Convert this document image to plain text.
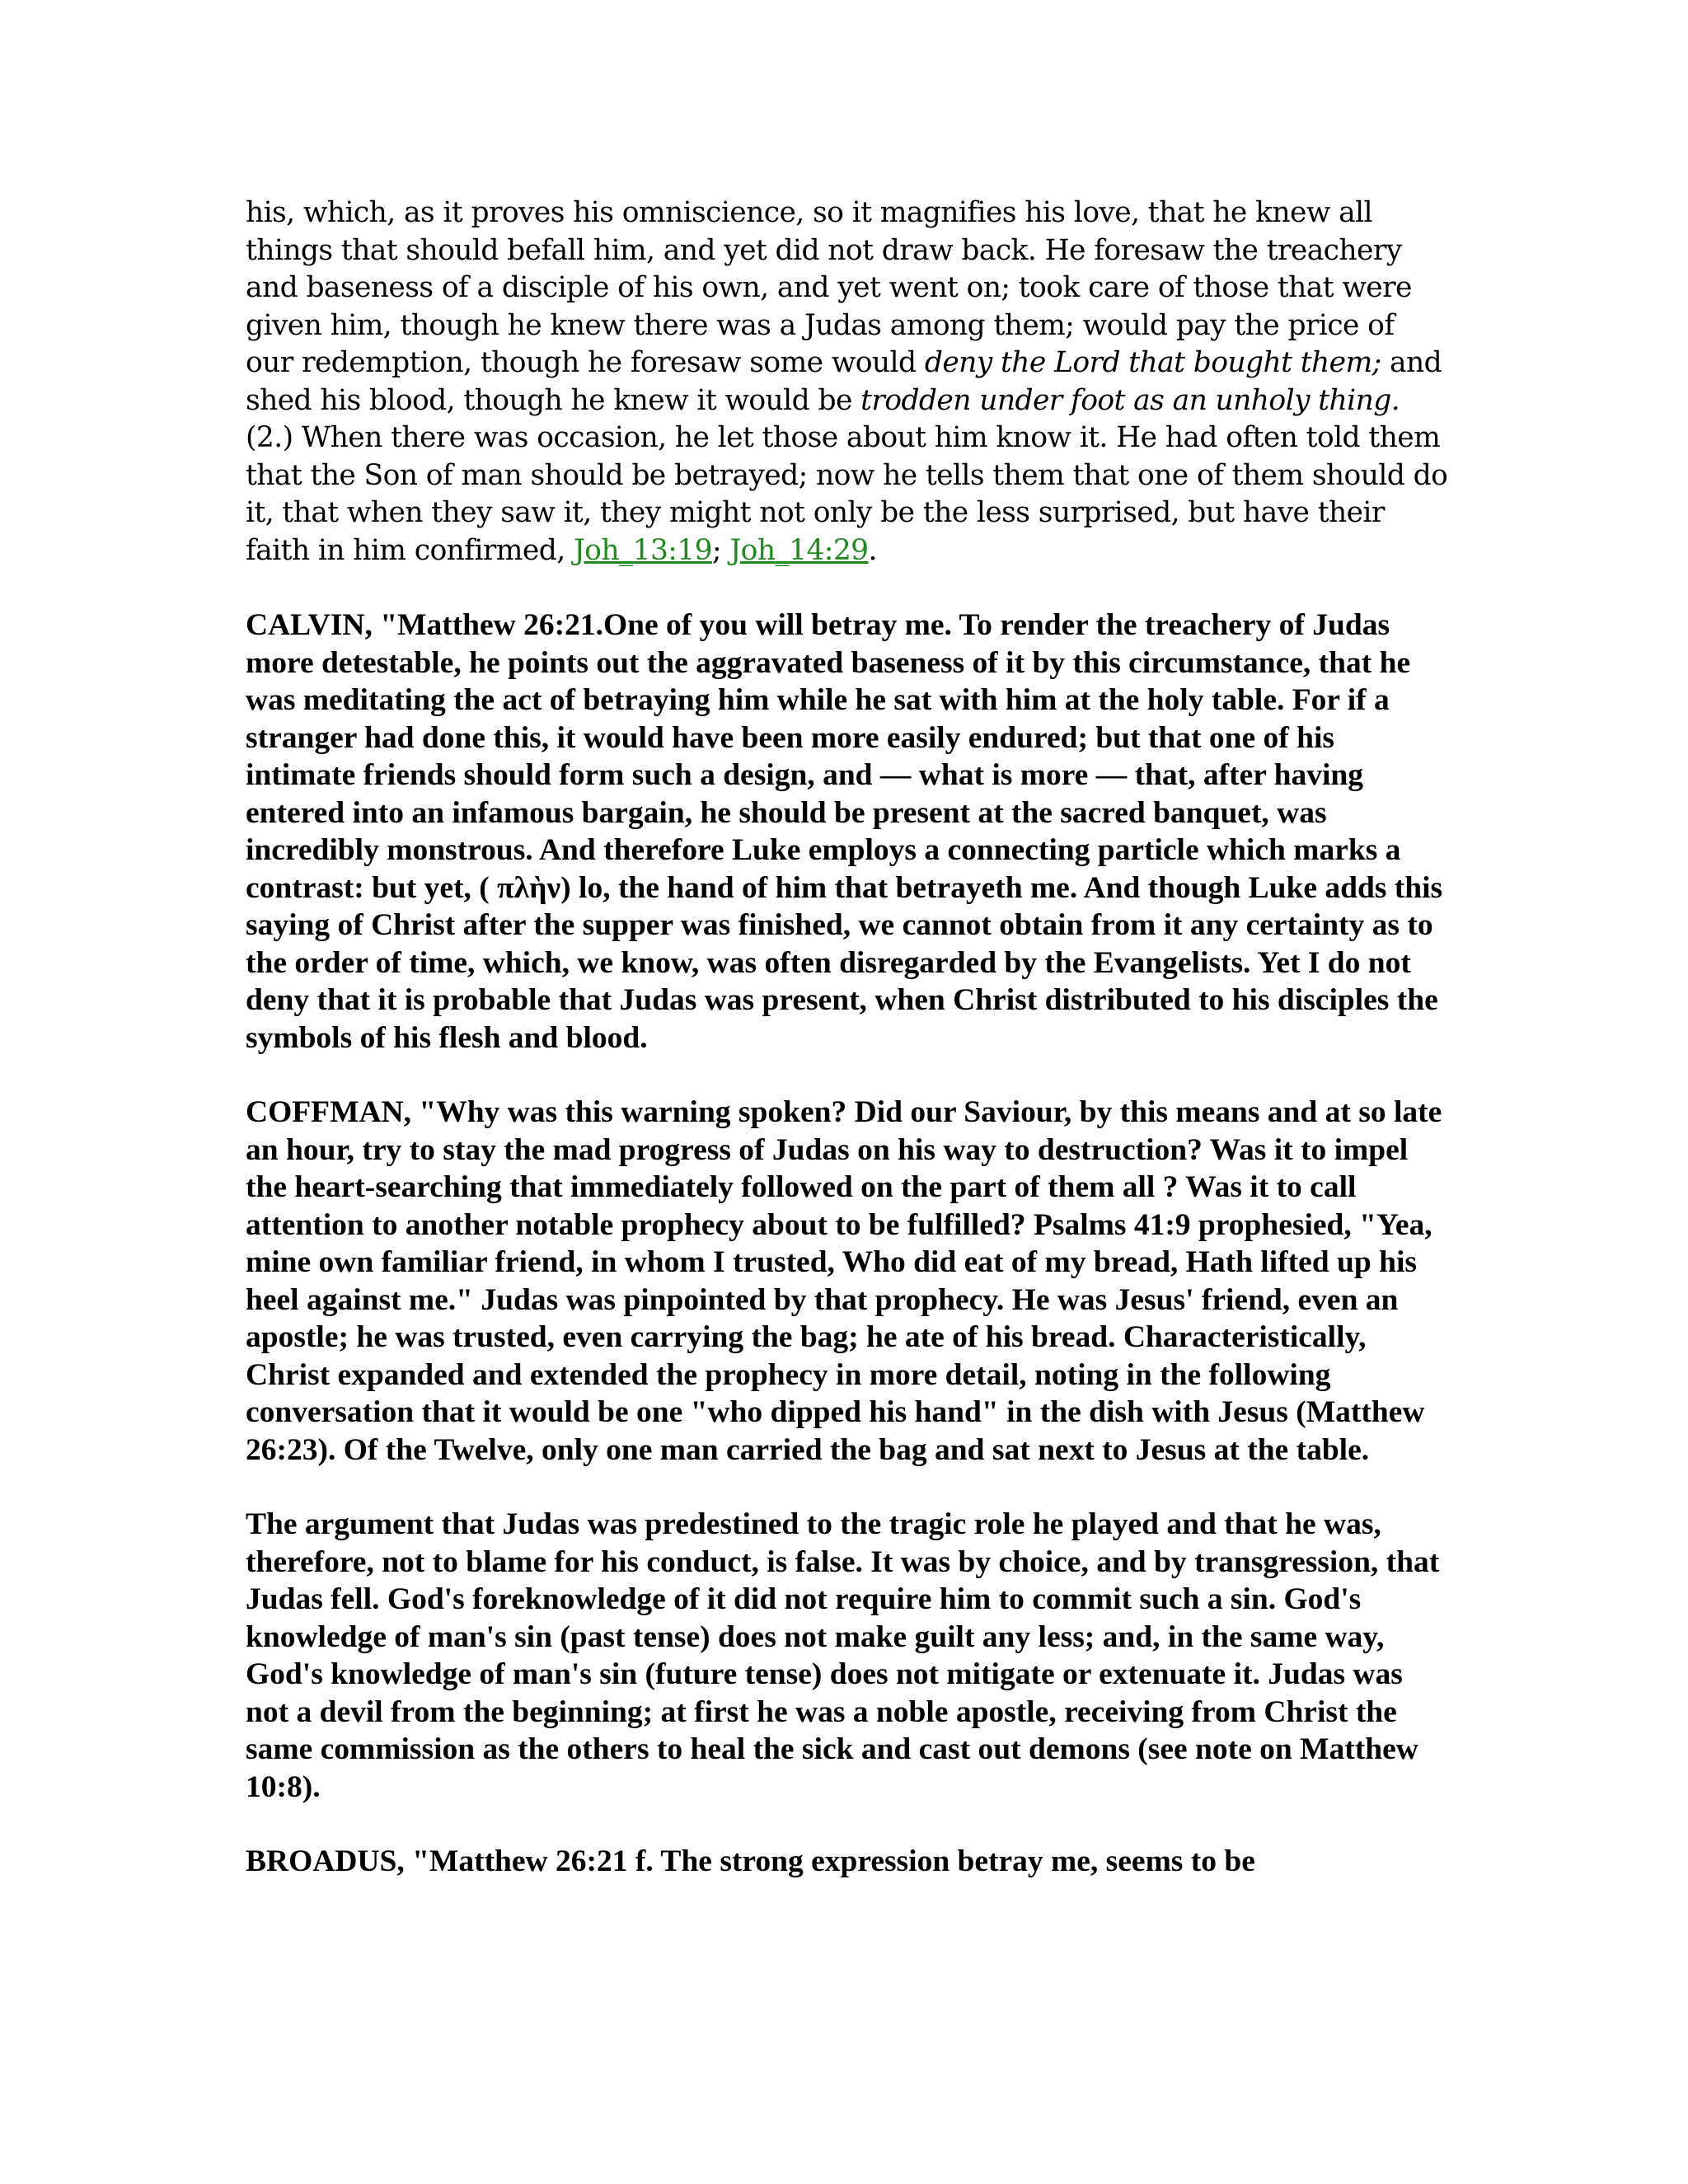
his, which, as it proves his omniscience, so it magnifies his love, that he knew all things that should befall him, and yet did not draw back. He foresaw the treachery and baseness of a disciple of his own, and yet went on; took care of those that were given him, though he knew there was a Judas among them; would pay the price of our redemption, though he foresaw some would deny the Lord that bought them; and shed his blood, though he knew it would be trodden under foot as an unholy thing. (2.) When there was occasion, he let those about him know it. He had often told them that the Son of man should be betrayed; now he tells them that one of them should do it, that when they saw it, they might not only be the less surprised, but have their faith in him confirmed, Joh_13:19; Joh_14:29.

CALVIN, "Matthew 26:21.One of you will betray me. To render the treachery of Judas more detestable, he points out the aggravated baseness of it by this circumstance, that he was meditating the act of betraying him while he sat with him at the holy table. For if a stranger had done this, it would have been more easily endured; but that one of his intimate friends should form such a design, and — what is more — that, after having entered into an infamous bargain, he should be present at the sacred banquet, was incredibly monstrous. And therefore Luke employs a connecting particle which marks a contrast: but yet, ( πλὴν) lo, the hand of him that betrayeth me. And though Luke adds this saying of Christ after the supper was finished, we cannot obtain from it any certainty as to the order of time, which, we know, was often disregarded by the Evangelists. Yet I do not deny that it is probable that Judas was present, when Christ distributed to his disciples the symbols of his flesh and blood.

COFFMAN, "Why was this warning spoken? Did our Saviour, by this means and at so late an hour, try to stay the mad progress of Judas on his way to destruction? Was it to impel the heart-searching that immediately followed on the part of them all ? Was it to call attention to another notable prophecy about to be fulfilled? Psalms 41:9 prophesied, "Yea, mine own familiar friend, in whom I trusted, Who did eat of my bread, Hath lifted up his heel against me." Judas was pinpointed by that prophecy. He was Jesus' friend, even an apostle; he was trusted, even carrying the bag; he ate of his bread. Characteristically, Christ expanded and extended the prophecy in more detail, noting in the following conversation that it would be one "who dipped his hand" in the dish with Jesus (Matthew 26:23). Of the Twelve, only one man carried the bag and sat next to Jesus at the table.

The argument that Judas was predestined to the tragic role he played and that he was, therefore, not to blame for his conduct, is false. It was by choice, and by transgression, that Judas fell. God's foreknowledge of it did not require him to commit such a sin. God's knowledge of man's sin (past tense) does not make guilt any less; and, in the same way, God's knowledge of man's sin (future tense) does not mitigate or extenuate it. Judas was not a devil from the beginning; at first he was a noble apostle, receiving from Christ the same commission as the others to heal the sick and cast out demons (see note on Matthew 10:8).

BROADUS, "Matthew 26:21 f. The strong expression betray me, seems to be
